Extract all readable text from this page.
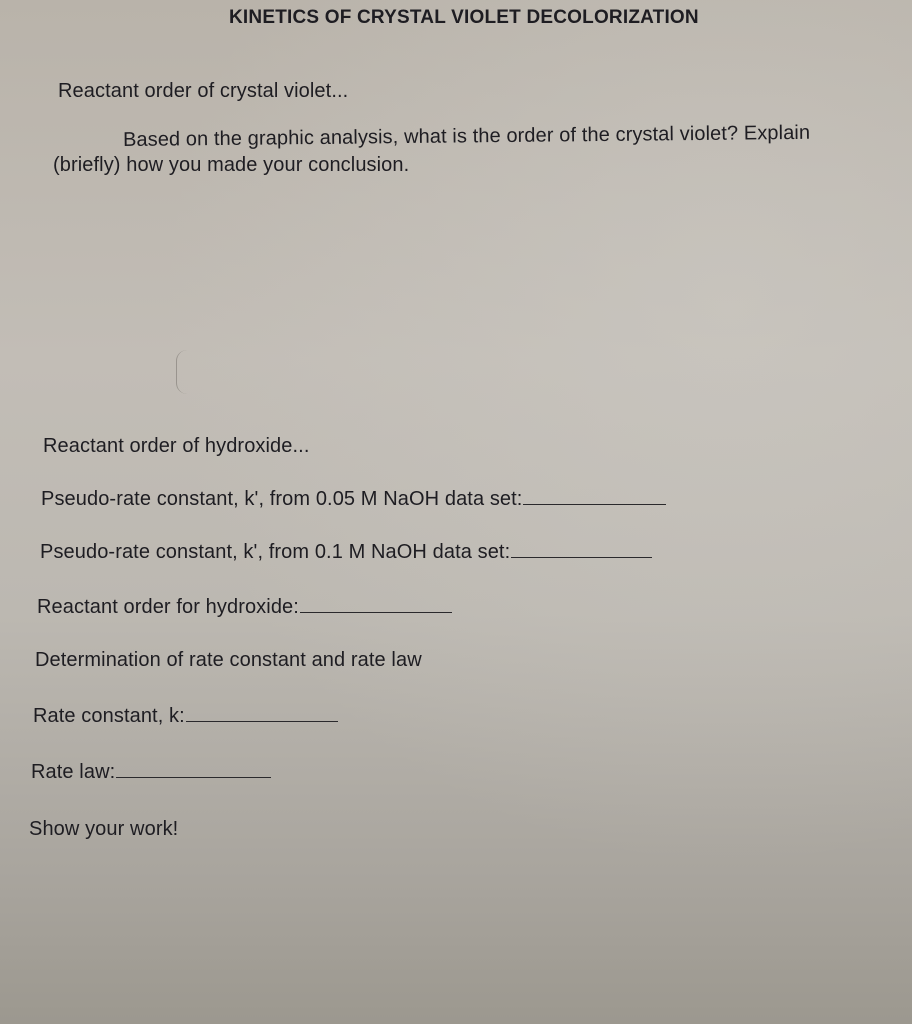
KINETICS OF CRYSTAL VIOLET DECOLORIZATION

Reactant order of crystal violet...

Based on the graphic analysis, what is the order of the crystal violet? Explain

(briefly) how you made your conclusion.

Reactant order of hydroxide...

Pseudo-rate constant, k', from 0.05 M NaOH data set:

Pseudo-rate constant, k', from 0.1 M NaOH data set:

Reactant order for hydroxide:

Determination of rate constant and rate law

Rate constant, k:

Rate law:

Show your work!
